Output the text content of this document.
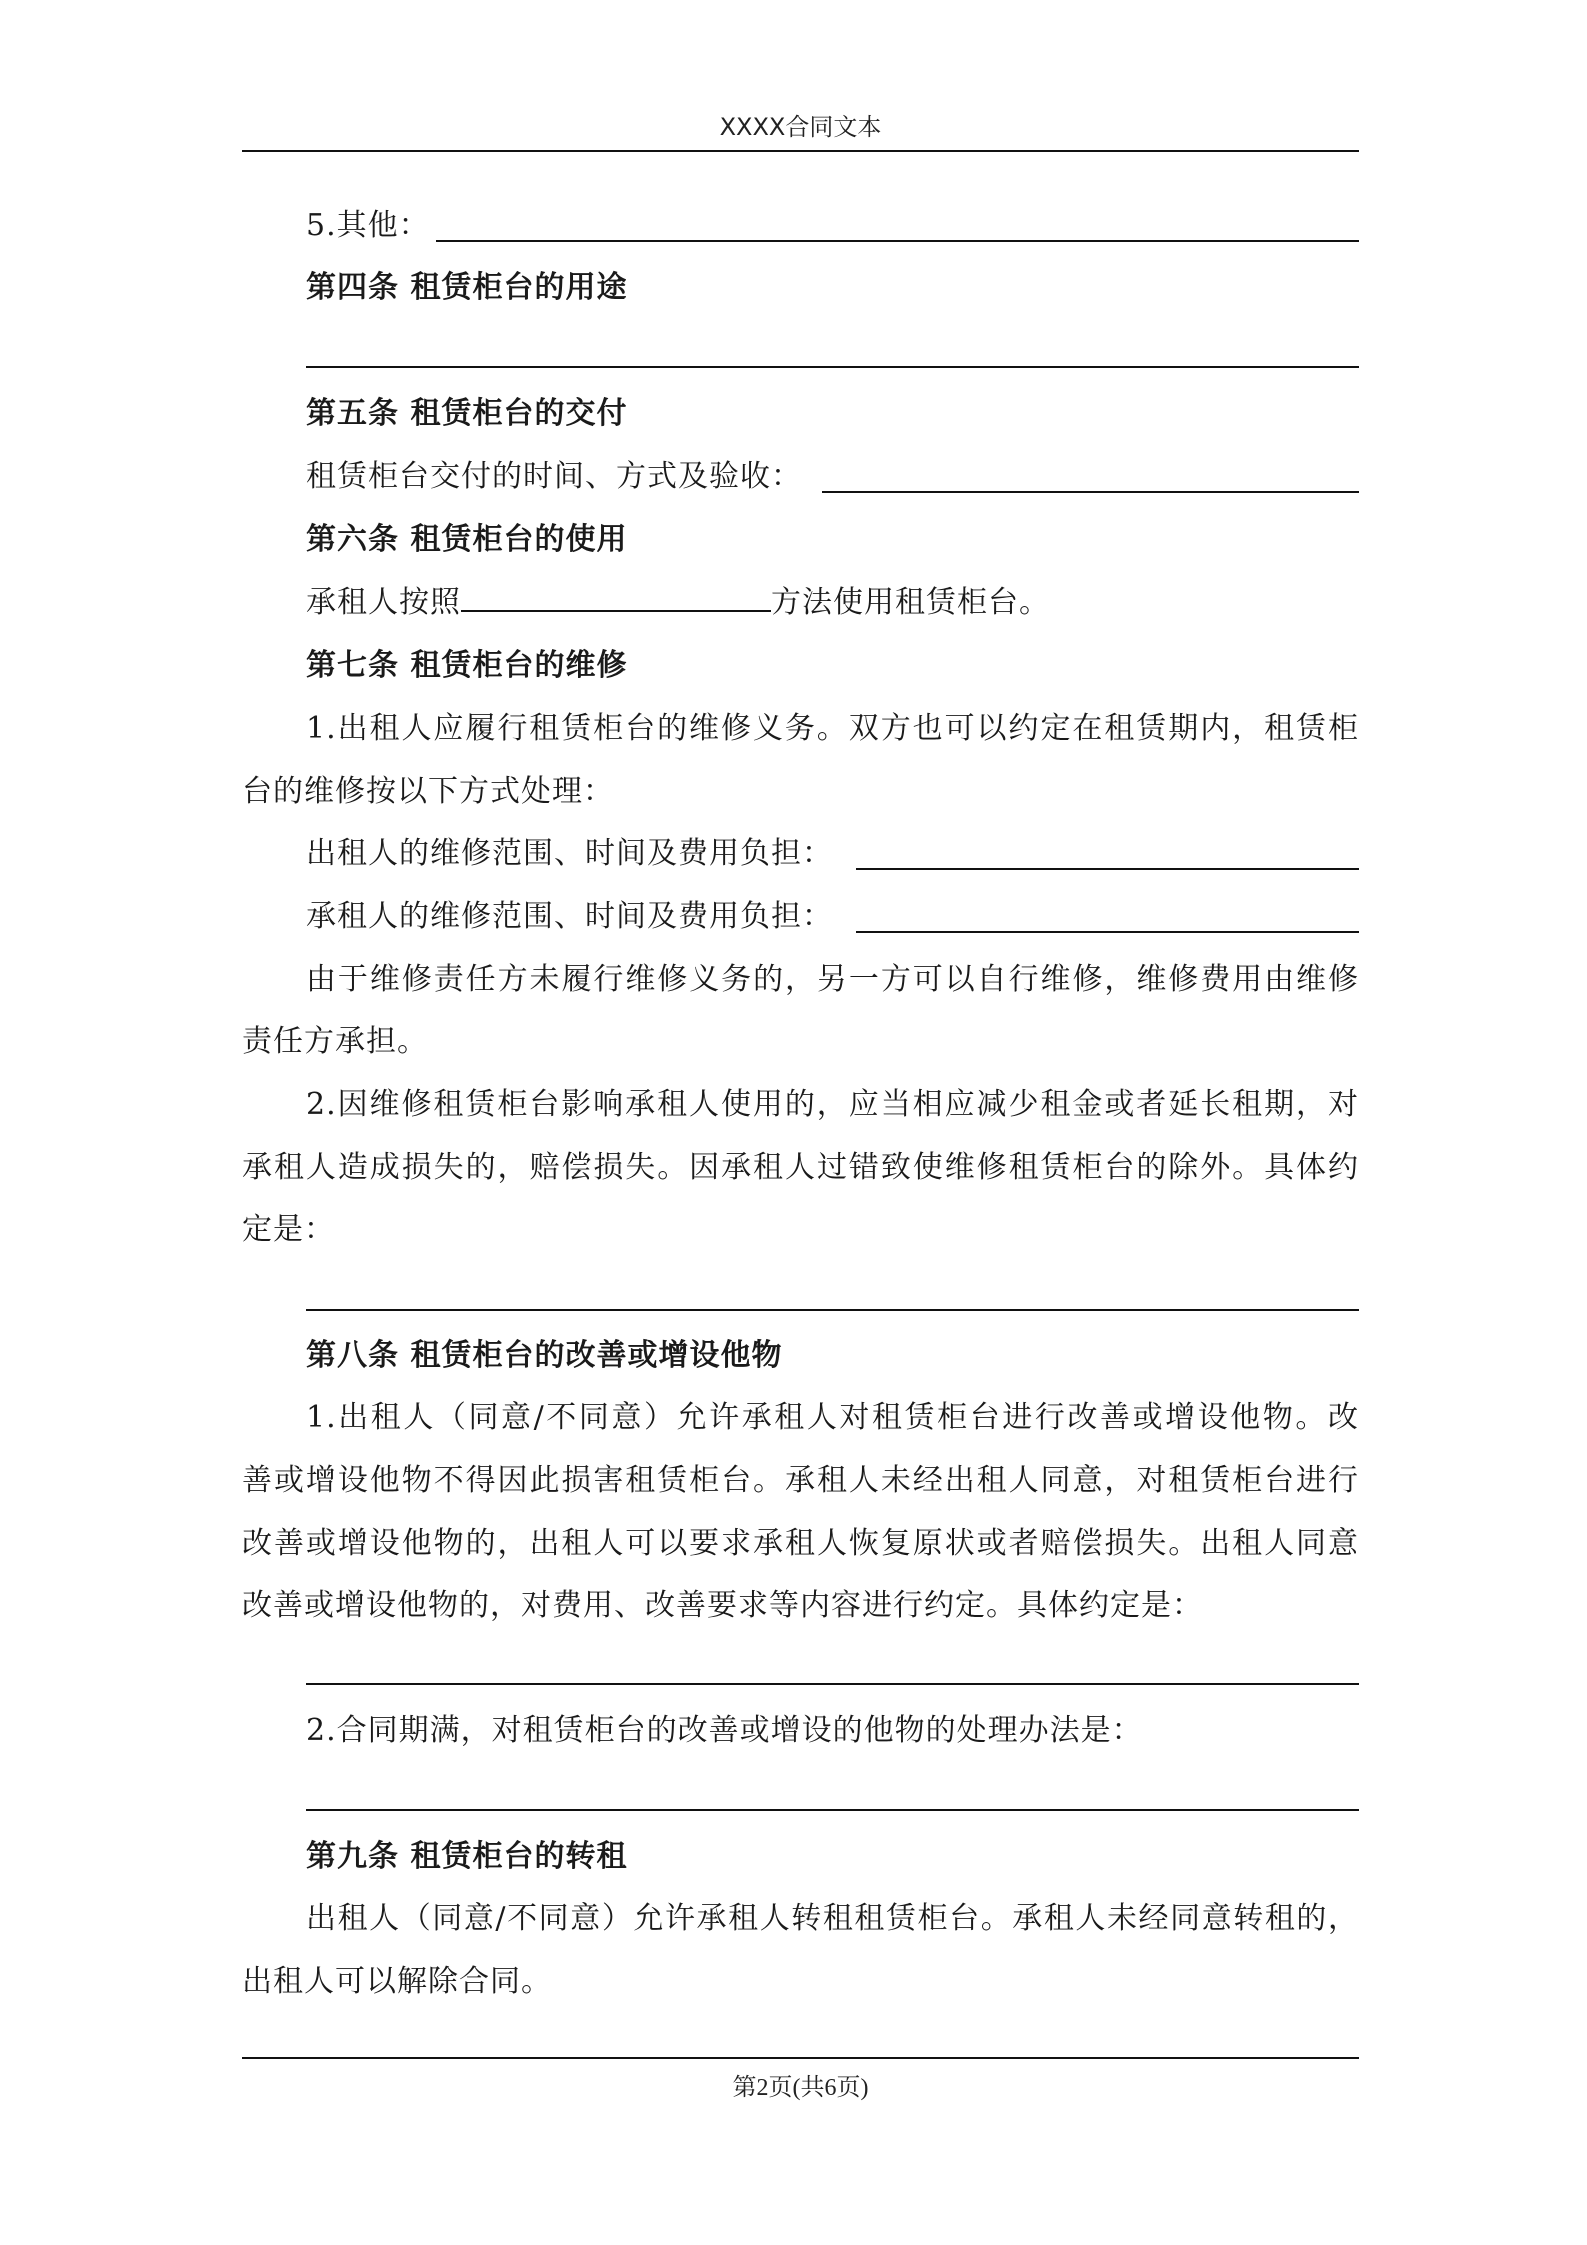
XXXX合同文本
5.其他：
第四条 租赁柜台的用途
第五条 租赁柜台的交付
租赁柜台交付的时间、方式及验收：
第六条 租赁柜台的使用
承租人按照	方法使用租赁柜台。
第七条 租赁柜台的维修
1.出租人应履行租赁柜台的维修义务。双方也可以约定在租赁期内，租赁柜
台的维修按以下方式处理：
出租人的维修范围、时间及费用负担：
承租人的维修范围、时间及费用负担：
由于维修责任方未履行维修义务的，另一方可以自行维修，维修费用由维修
责任方承担。
2.因维修租赁柜台影响承租人使用的，应当相应减少租金或者延长租期，对
承租人造成损失的，赔偿损失。因承租人过错致使维修租赁柜台的除外。具体约
定是：
第八条 租赁柜台的改善或增设他物
1.出租人（同意/不同意）允许承租人对租赁柜台进行改善或增设他物。改
善或增设他物不得因此损害租赁柜台。承租人未经出租人同意，对租赁柜台进行
改善或增设他物的，出租人可以要求承租人恢复原状或者赔偿损失。出租人同意
改善或增设他物的，对费用、改善要求等内容进行约定。具体约定是：
2.合同期满，对租赁柜台的改善或增设的他物的处理办法是：
第九条 租赁柜台的转租
出租人（同意/不同意）允许承租人转租租赁柜台。承租人未经同意转租的，
出租人可以解除合同。
第2页(共6页)
